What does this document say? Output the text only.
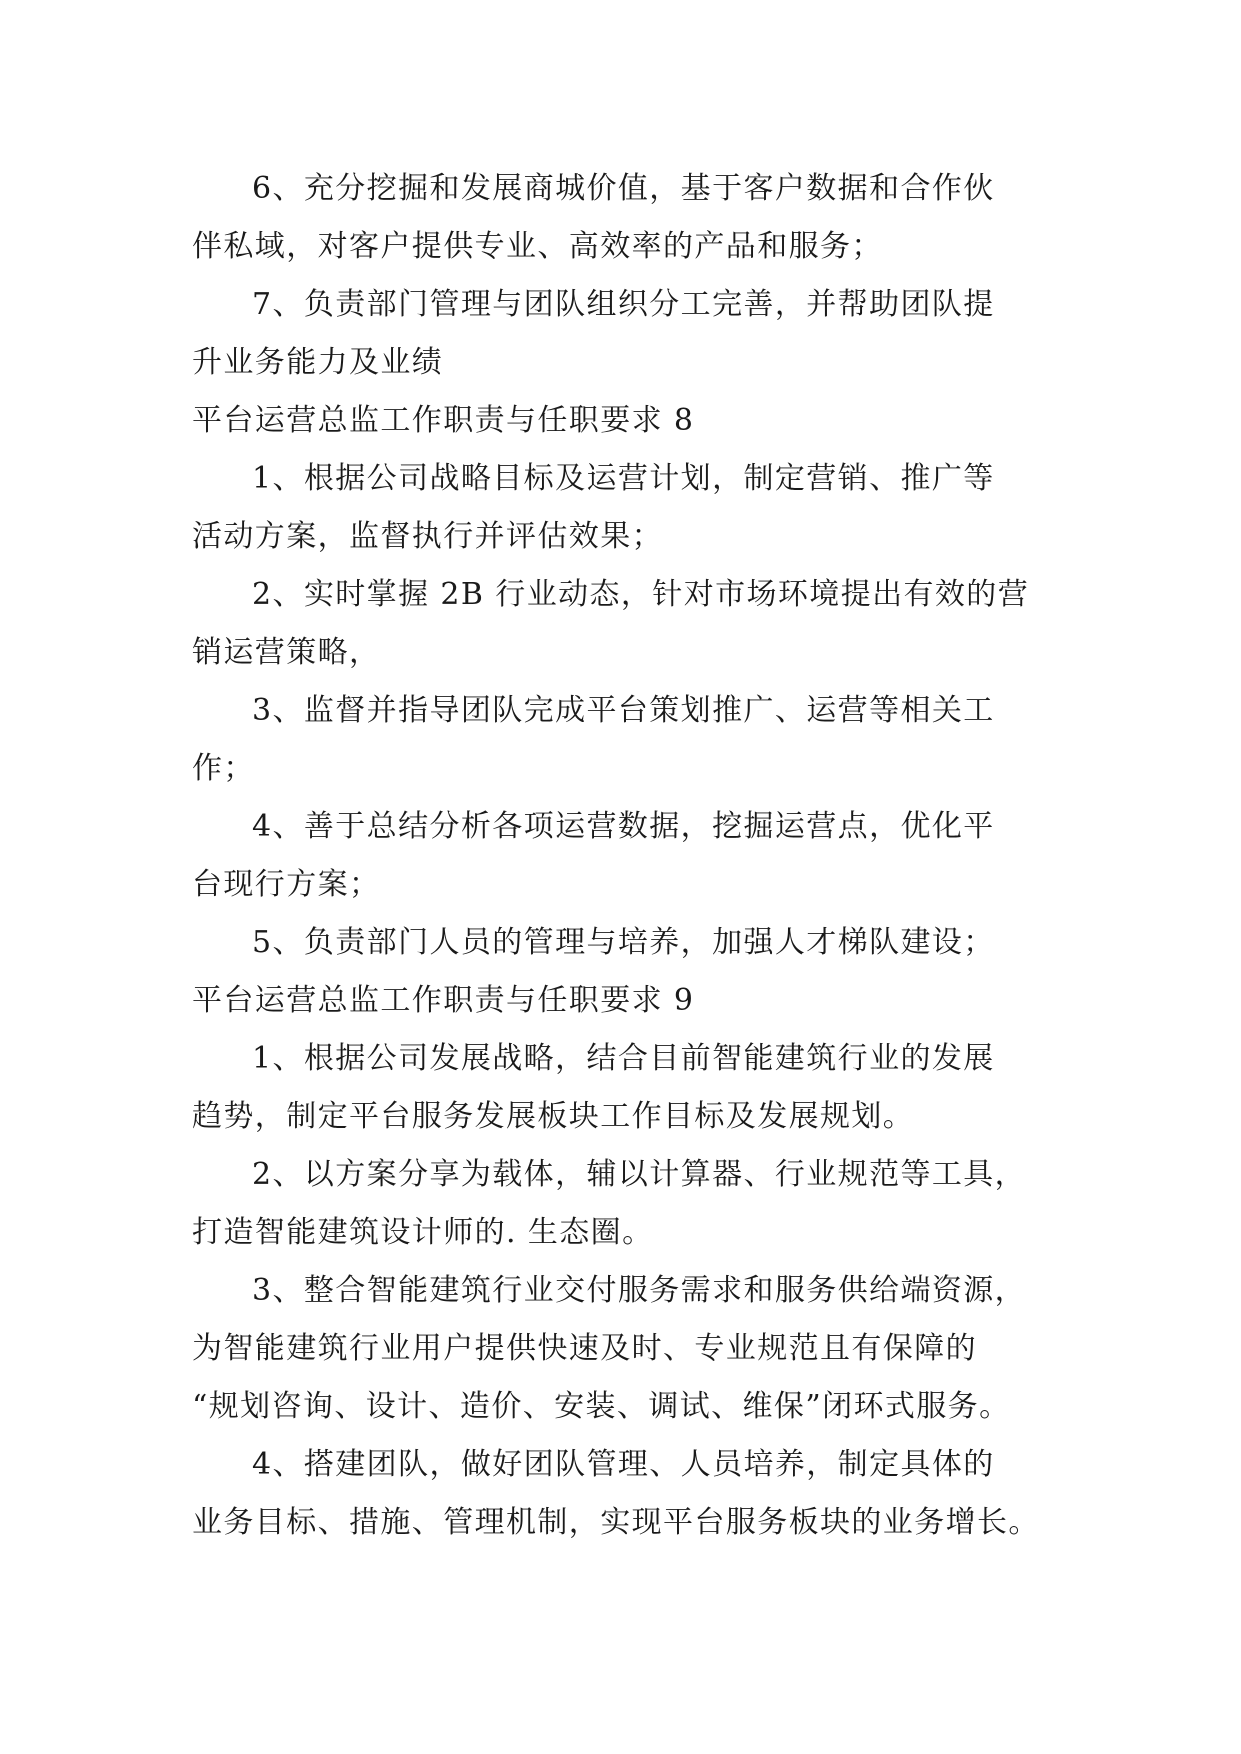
6、充分挖掘和发展商城价值，基于客户数据和合作伙
伴私域，对客户提供专业、高效率的产品和服务；
7、负责部门管理与团队组织分工完善，并帮助团队提
升业务能力及业绩
平台运营总监工作职责与任职要求 8
1、根据公司战略目标及运营计划，制定营销、推广等
活动方案，监督执行并评估效果；
2、实时掌握 2B 行业动态，针对市场环境提出有效的营
销运营策略，
3、监督并指导团队完成平台策划推广、运营等相关工
作；
4、善于总结分析各项运营数据，挖掘运营点，优化平
台现行方案；
5、负责部门人员的管理与培养，加强人才梯队建设；
平台运营总监工作职责与任职要求 9
1、根据公司发展战略，结合目前智能建筑行业的发展
趋势，制定平台服务发展板块工作目标及发展规划。
2、以方案分享为载体，辅以计算器、行业规范等工具，
打造智能建筑设计师的. 生态圈。
3、整合智能建筑行业交付服务需求和服务供给端资源，
为智能建筑行业用户提供快速及时、专业规范且有保障的
“规划咨询、设计、造价、安装、调试、维保”闭环式服务。
4、搭建团队，做好团队管理、人员培养，制定具体的
业务目标、措施、管理机制，实现平台服务板块的业务增长。
